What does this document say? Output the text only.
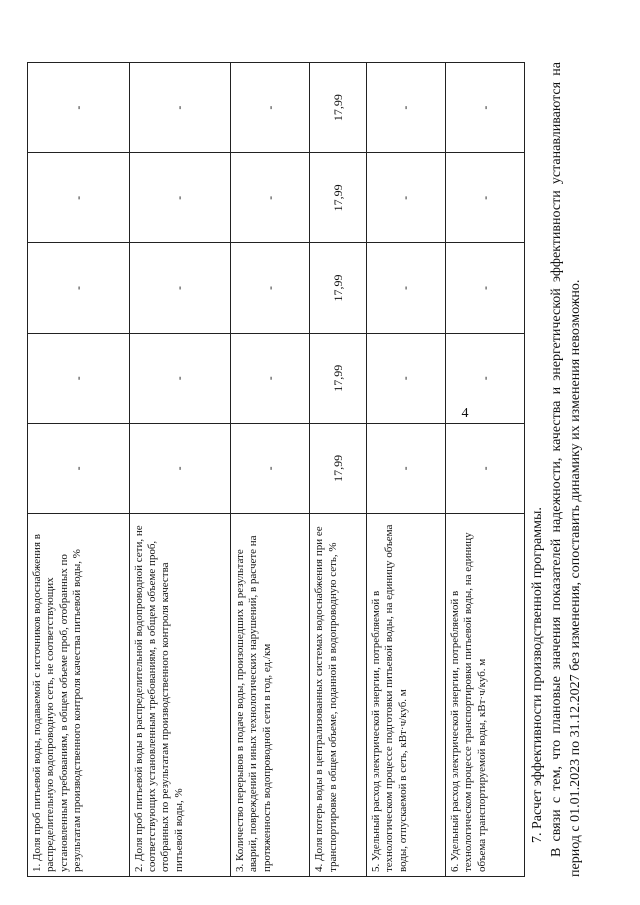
1. Доля проб питьевой воды, подаваемой с источников водоснабжения в распределительную водопроводную сеть, не соответствующих установленным требованиям, в общем объеме проб, отобранных по результатам производственного контроля качества питьевой воды, %	-	-	-	-	-
2. Доля проб питьевой воды в распределительной водопроводной сети, не соответствующих установленным требованиям, в общем объеме проб, отобранных по результатам производственного контроля качества питьевой воды, %	-	-	-	-	-
3. Количество перерывов в подаче воды, произошедших в результате аварий, повреждений и иных технологических нарушений, в расчете на протяженность водопроводной сети в год, ед./км	-	-	-	-	-
4. Доля потерь воды в централизованных системах водоснабжения при ее транспортировке в общем объеме, поданной в водопроводную сеть, %	17,99	17,99	17,99	17,99	17,99
5. Удельный расход электрической энергии, потребляемой в технологическом процессе подготовки питьевой воды, на единицу объема воды, отпускаемой в сеть, кВт·ч/куб. м	-	-	-	-	-
6. Удельный расход электрической энергии, потребляемой в технологическом процессе транспортировки питьевой воды, на единицу объема транспортируемой воды, кВт·ч/куб. м	-	-	-	-	-

7. Расчет эффективности производственной программы. В связи с тем, что плановые значения показателей надежности, качества и энергетической эффективности устанавливаются на период с 01.01.2023 по 31.12.2027 без изменения, сопоставить динамику их изменения невозможно.

4
